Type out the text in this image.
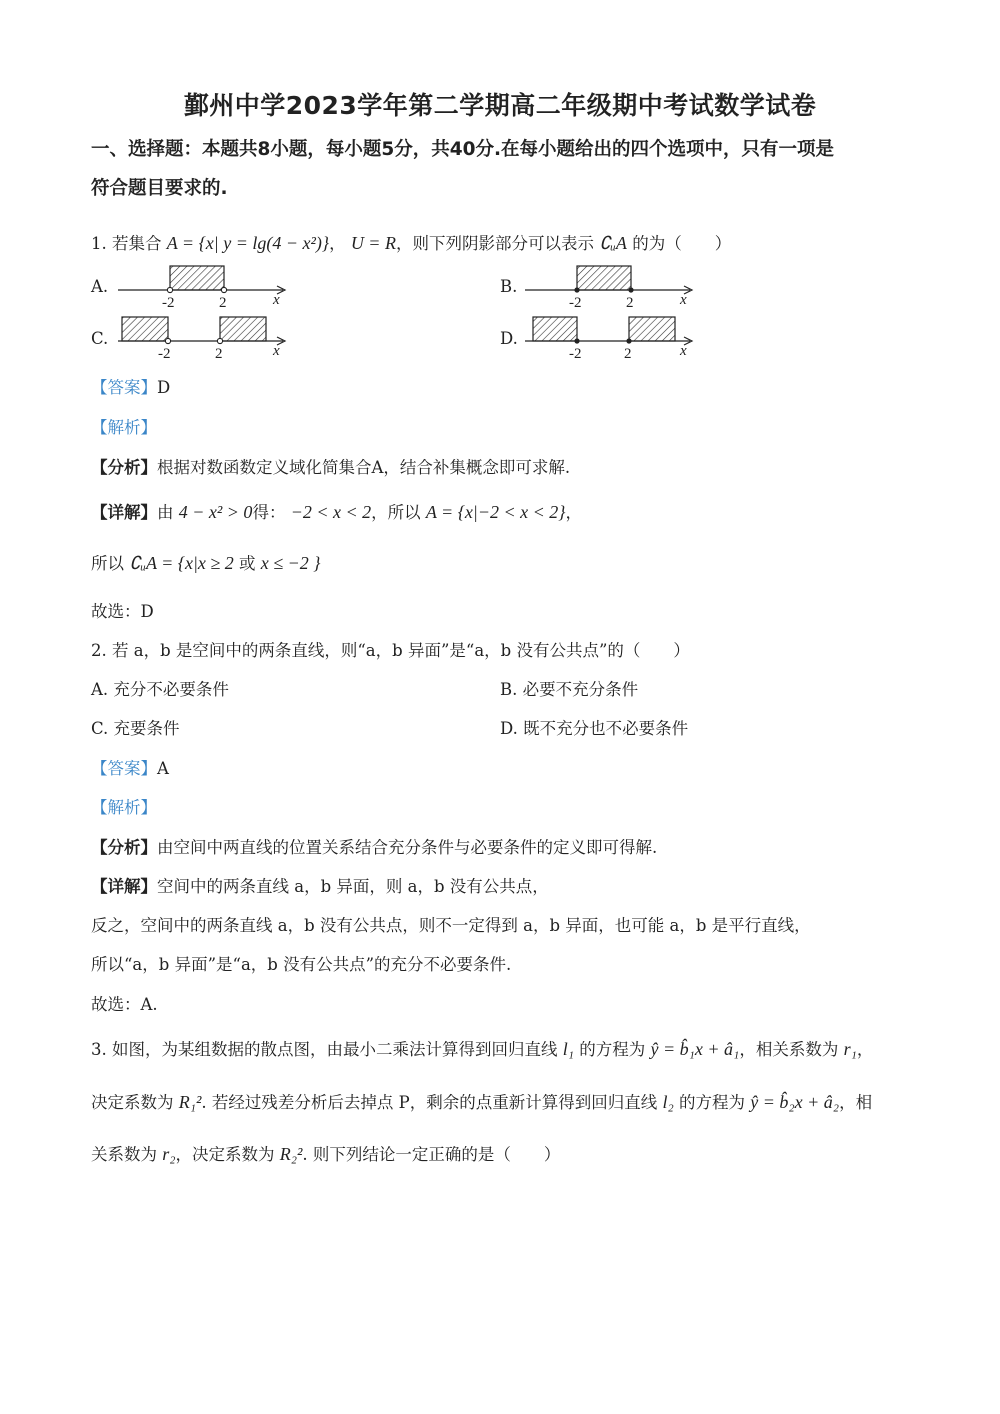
鄞州中学2023学年第二学期高二年级期中考试数学试卷
一、选择题：本题共8小题，每小题5分，共40分.在每小题给出的四个选项中，只有一项是
符合题目要求的.
1. 若集合 A = {x| y = lg(4 − x²)}， U = R，则下列阴影部分可以表示 ∁ᵤA 的为（　　）
A.
-2	2	x
B.
-2	2	x
C.
-2	2	x
D.
-2	2	x
【答案】D
【解析】
【分析】根据对数函数定义域化简集合A，结合补集概念即可求解.
【详解】由 4 − x² > 0得： −2 < x < 2，所以 A = {x|−2 < x < 2}，
所以 ∁ᵤA = {x|x ≥ 2 或 x ≤ −2 }
故选：D
2. 若 a，b 是空间中的两条直线，则“a，b 异面”是“a，b 没有公共点”的（　　）
A. 充分不必要条件	B. 必要不充分条件
C. 充要条件	D. 既不充分也不必要条件
【答案】A
【解析】
【分析】由空间中两直线的位置关系结合充分条件与必要条件的定义即可得解.
【详解】空间中的两条直线 a，b 异面，则 a，b 没有公共点，
反之，空间中的两条直线 a，b 没有公共点，则不一定得到 a，b 异面，也可能 a，b 是平行直线，
所以“a，b 异面”是“a，b 没有公共点”的充分不必要条件.
故选：A.
3. 如图，为某组数据的散点图，由最小二乘法计算得到回归直线 l₁ 的方程为 ŷ = b̂₁x + â₁，相关系数为 r₁，
决定系数为 R₁². 若经过残差分析后去掉点 P，剩余的点重新计算得到回归直线 l₂ 的方程为 ŷ = b̂₂x + â₂，相
关系数为 r₂，决定系数为 R₂². 则下列结论一定正确的是（　　）
